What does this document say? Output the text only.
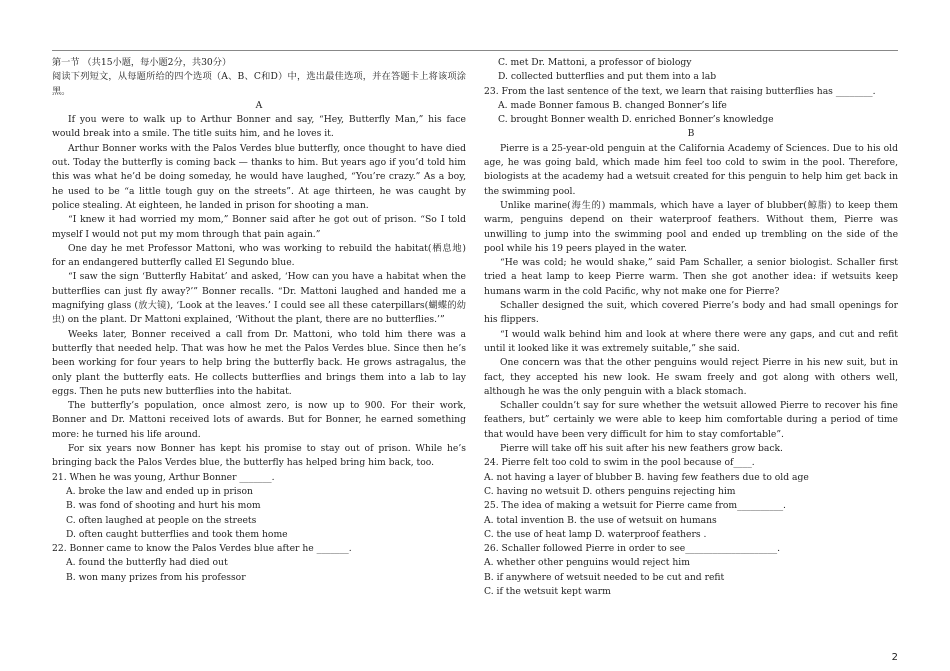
第一节 （共15小题，每小题2分，共30分）

阅读下列短文，从每题所给的四个选项（A、B、C和D）中，选出最佳选项，并在答题卡上将该项涂黑。

A

If you were to walk up to Arthur Bonner and say, “Hey, Butterfly Man,” his face would break into a smile. The title suits him, and he loves it.

Arthur Bonner works with the Palos Verdes blue butterfly, once thought to have died out. Today the butterfly is coming back — thanks to him. But years ago if you’d told him this was what he’d be doing someday, he would have laughed, “You’re crazy.” As a boy, he used to be “a little tough guy on the streets”. At age thirteen, he was caught by police stealing. At eighteen, he landed in prison for shooting a man.

“I knew it had worried my mom,” Bonner said after he got out of prison. “So I told myself I would not put my mom through that pain again.”

One day he met Professor Mattoni, who was working to rebuild the habitat(栖息地) for an endangered butterfly called El Segundo blue.

“I saw the sign ‘Butterfly Habitat’ and asked, ‘How can you have a habitat when the butterflies can just fly away?’” Bonner recalls. “Dr. Mattoni laughed and handed me a magnifying glass (放大镜), ‘Look at the leaves.’ I could see all these caterpillars(蝴蝶的幼虫) on the plant. Dr Mattoni explained, ‘Without the plant, there are no butterflies.’”

Weeks later, Bonner received a call from Dr. Mattoni, who told him there was a butterfly that needed help. That was how he met the Palos Verdes blue. Since then he’s been working for four years to help bring the butterfly back. He grows astragalus, the only plant the butterfly eats. He collects butterflies and brings them into a lab to lay eggs. Then he puts new butterflies into the habitat.

The butterfly’s population, once almost zero, is now up to 900. For their work, Bonner and Dr. Mattoni received lots of awards. But for Bonner, he earned something more: he turned his life around.

For six years now Bonner has kept his promise to stay out of prison. While he’s bringing back the Palos Verdes blue, the butterfly has helped bring him back, too.

21. When he was young, Arthur Bonner _______.

A. broke the law and ended up in prison

B. was fond of shooting and hurt his mom

C. often laughed at people on the streets

D. often caught butterflies and took them home

22. Bonner came to know the Palos Verdes blue after he _______.

A. found the butterfly had died out

B. won many prizes from his professor

C. met Dr. Mattoni, a professor of biology

D. collected butterflies and put them into a lab

23. From the last sentence of the text, we learn that raising butterflies has ________.

A. made Bonner famous B. changed Bonner’s life

C. brought Bonner wealth D. enriched Bonner’s knowledge

B

Pierre is a 25-year-old penguin at the California Academy of Sciences. Due to his old age, he was going bald, which made him feel too cold to swim in the pool. Therefore, biologists at the academy had a wetsuit created for this penguin to help him get back in the swimming pool.

Unlike marine(海生的) mammals, which have a layer of blubber(鲸脂) to keep them warm, penguins depend on their waterproof feathers. Without them, Pierre was unwilling to jump into the swimming pool and ended up trembling on the side of the pool while his 19 peers played in the water.

“He was cold; he would shake,” said Pam Schaller, a senior biologist. Schaller first tried a heat lamp to keep Pierre warm. Then she got another idea: if wetsuits keep humans warm in the cold Pacific, why not make one for Pierre?

Schaller designed the suit, which covered Pierre’s body and had small openings for his flippers.

“I would walk behind him and look at where there were any gaps, and cut and refit until it looked like it was extremely suitable,” she said.

One concern was that the other penguins would reject Pierre in his new suit, but in fact, they accepted his new look. He swam freely and got along with others well, although he was the only penguin with a black stomach.

Schaller couldn’t say for sure whether the wetsuit allowed Pierre to recover his fine feathers, but” certainly we were able to keep him comfortable during a period of time that would have been very difficult for him to stay comfortable”.

Pierre will take off his suit after his new feathers grow back.

24. Pierre felt too cold to swim in the pool because of____.

A. not having a layer of blubber B. having few feathers due to old age

C. having no wetsuit D. others penguins rejecting him

25. The idea of making a wetsuit for Pierre came from__________.

A. total invention B. the use of wetsuit on humans

C. the use of heat lamp D. waterproof feathers .

26. Schaller followed Pierre in order to see____________________.

A. whether other penguins would reject him

B. if anywhere of wetsuit needed to be cut and refit

C. if the wetsuit kept warm

2
